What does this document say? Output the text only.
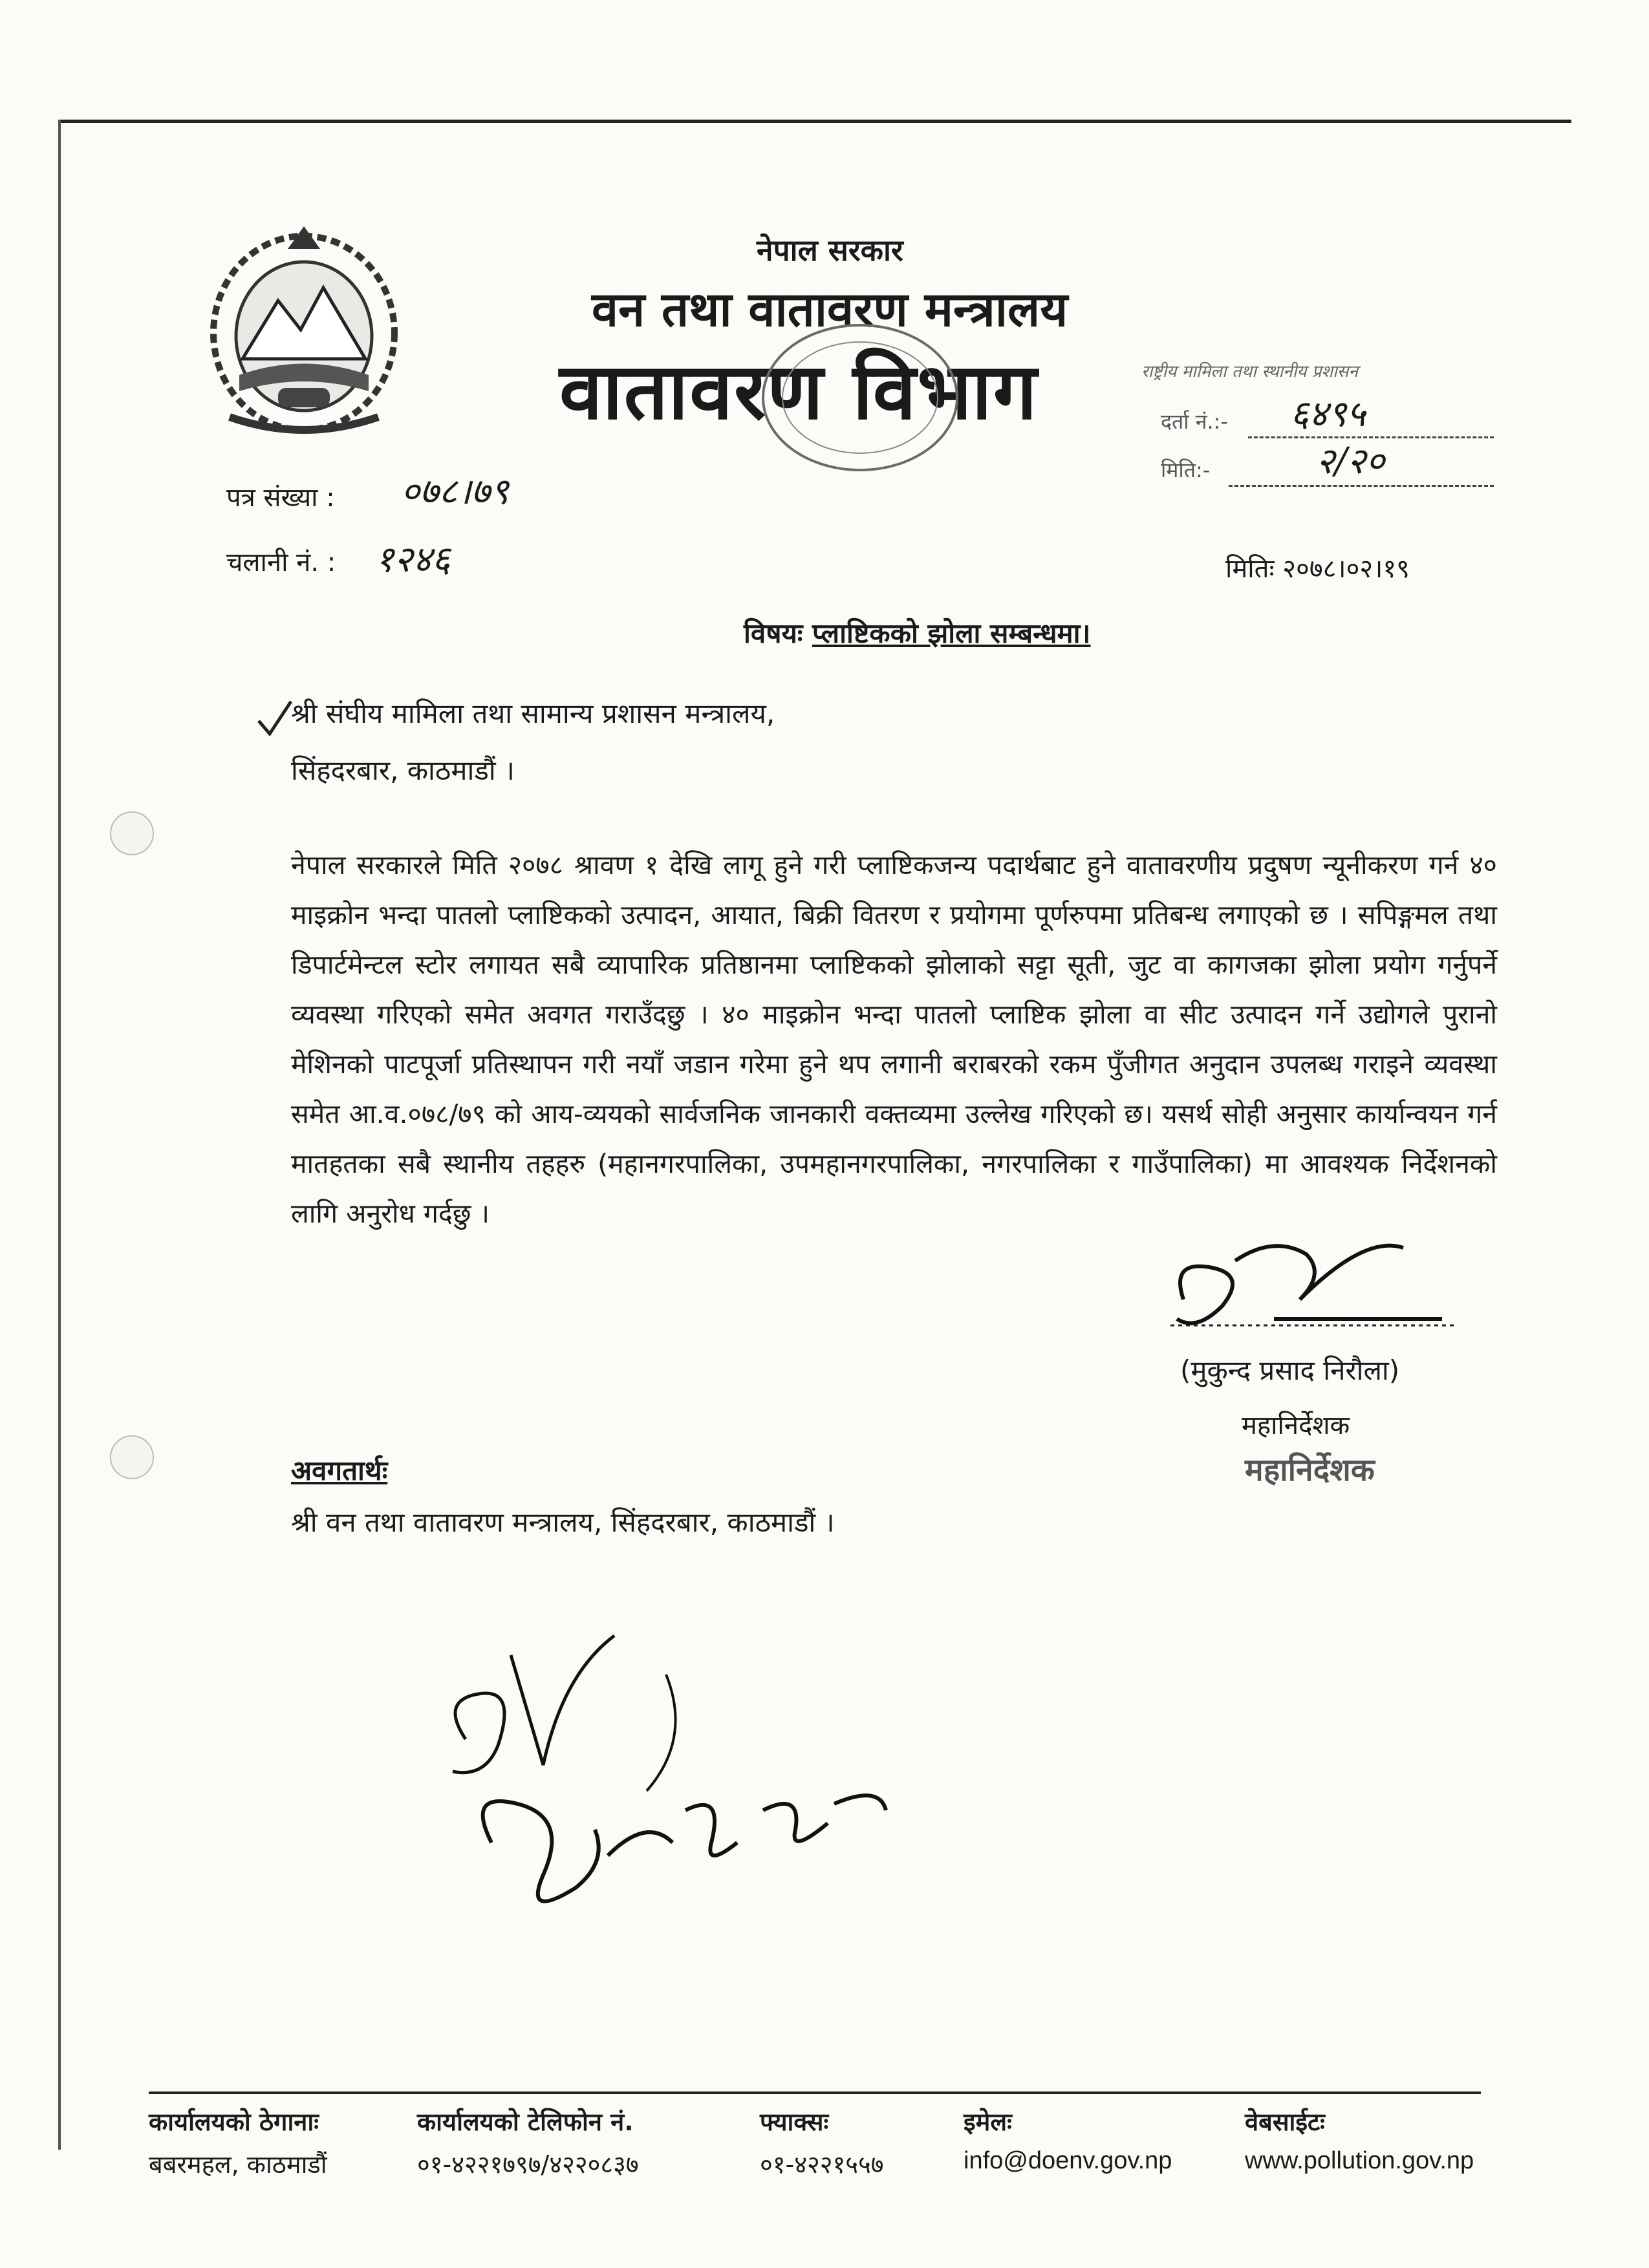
नेपाल सरकार
वन तथा वातावरण मन्त्रालय
वातावरण विभाग	राष्ट्रीय मामिला तथा स्थानीय प्रशासन
दर्ता नं.:- ६४९५
मिति:-	२/२०
पत्र संख्या : ०७८।७९
चलानी नं. : १२४६	मितिः २०७८।०२।१९
विषयः प्लाष्टिकको झोला सम्बन्धमा।
श्री संघीय मामिला तथा सामान्य प्रशासन मन्त्रालय,
सिंहदरबार, काठमाडौं ।
नेपाल सरकारले मिति २०७८ श्रावण १ देखि लागू हुने गरी प्लाष्टिकजन्य पदार्थबाट हुने वातावरणीय प्रदुषण न्यूनीकरण गर्न ४० माइक्रोन भन्दा पातलो प्लाष्टिकको उत्पादन, आयात, बिक्री वितरण र प्रयोगमा पूर्णरुपमा प्रतिबन्ध लगाएको छ । सपिङ्गमल तथा डिपार्टमेन्टल स्टोर लगायत सबै व्यापारिक प्रतिष्ठानमा प्लाष्टिकको झोलाको सट्टा सूती, जुट वा कागजका झोला प्रयोग गर्नुपर्ने व्यवस्था गरिएको समेत अवगत गराउँदछु । ४० माइक्रोन भन्दा पातलो प्लाष्टिक झोला वा सीट उत्पादन गर्ने उद्योगले पुरानो मेशिनको पाटपूर्जा प्रतिस्थापन गरी नयाँ जडान गरेमा हुने थप लगानी बराबरको रकम पुँजीगत अनुदान उपलब्ध गराइने व्यवस्था समेत आ.व.०७८/७९ को आय-व्ययको सार्वजनिक जानकारी वक्तव्यमा उल्लेख गरिएको छ। यसर्थ सोही अनुसार कार्यान्वयन गर्न मातहतका सबै स्थानीय तहहरु (महानगरपालिका, उपमहानगरपालिका, नगरपालिका र गाउँपालिका) मा आवश्यक निर्देशनको लागि अनुरोध गर्दछु ।
(मुकुन्द प्रसाद निरौला)
महानिर्देशक
महानिर्देशक
अवगतार्थः
श्री वन तथा वातावरण मन्त्रालय, सिंहदरबार, काठमाडौं ।
कार्यालयको ठेगानाः
बबरमहल, काठमाडौं
कार्यालयको टेलिफोन नं.
०१-४२२१७९७/४२२०८३७
फ्याक्सः
०१-४२२१५५७
इमेलः
info@doenv.gov.np
वेबसाईटः
www.pollution.gov.np
